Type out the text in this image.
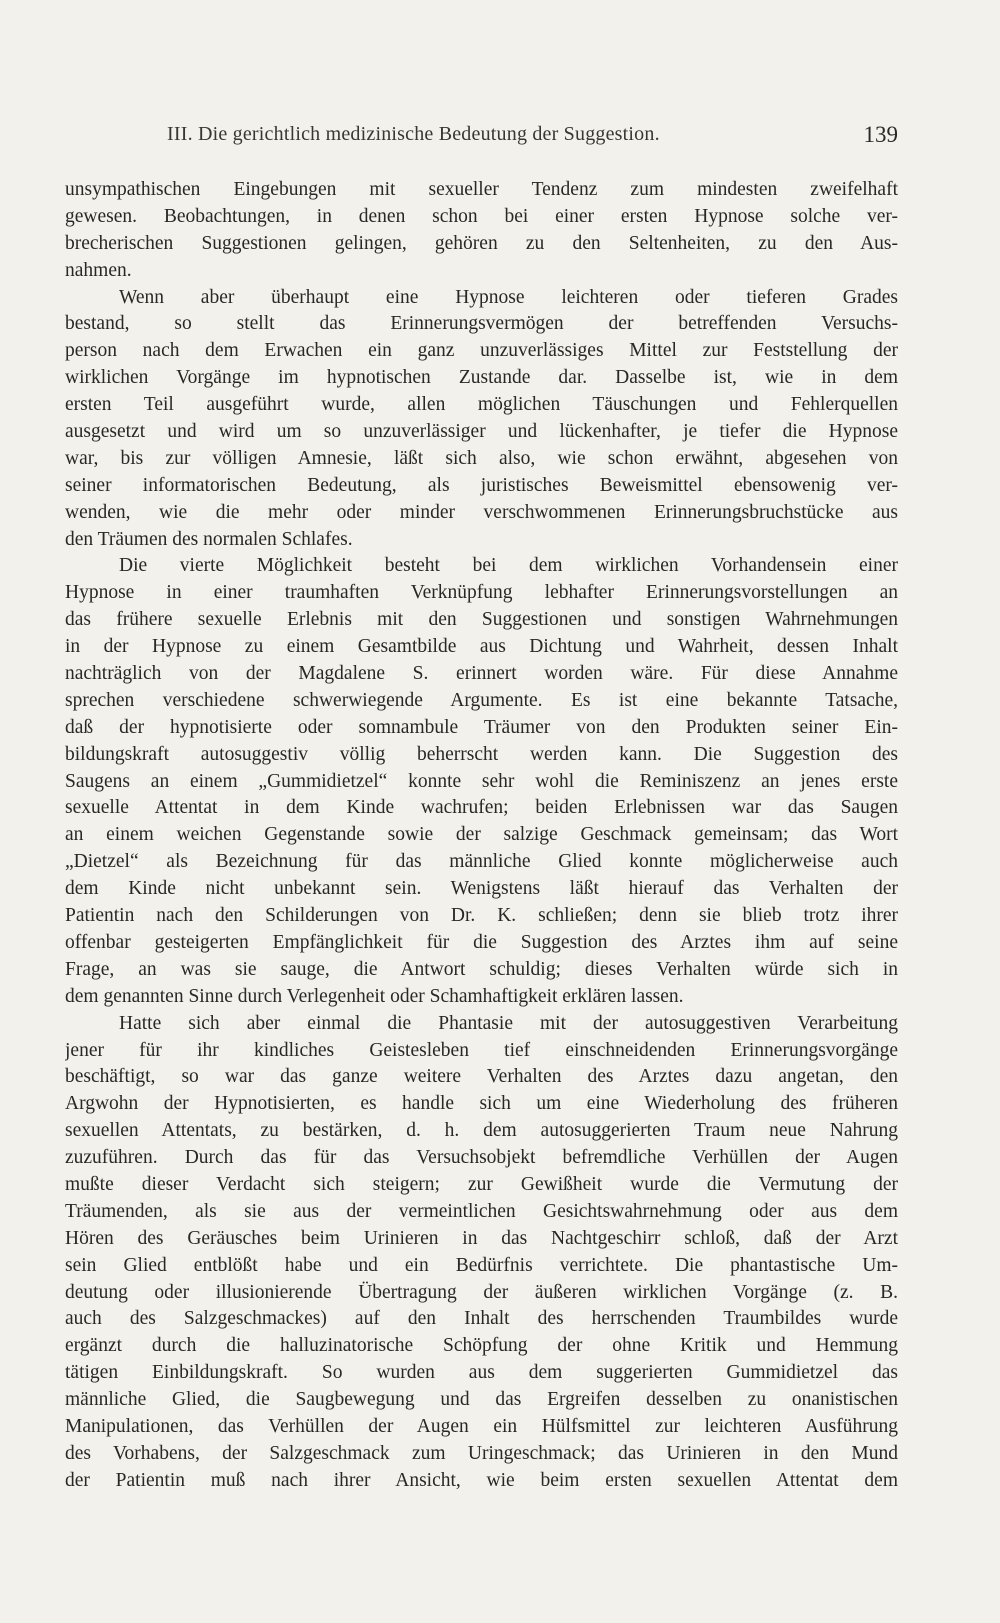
III. Die gerichtlich medizinische Bedeutung der Suggestion.	139
unsympathischen Eingebungen mit sexueller Tendenz zum mindesten zweifelhaft
gewesen. Beobachtungen, in denen schon bei einer ersten Hypnose solche ver-
brecherischen Suggestionen gelingen, gehören zu den Seltenheiten, zu den Aus-
nahmen.
Wenn aber überhaupt eine Hypnose leichteren oder tieferen Grades
bestand, so stellt das Erinnerungsvermögen der betreffenden Versuchs-
person nach dem Erwachen ein ganz unzuverlässiges Mittel zur Feststellung der
wirklichen Vorgänge im hypnotischen Zustande dar. Dasselbe ist, wie in dem
ersten Teil ausgeführt wurde, allen möglichen Täuschungen und Fehlerquellen
ausgesetzt und wird um so unzuverlässiger und lückenhafter, je tiefer die Hypnose
war, bis zur völligen Amnesie, läßt sich also, wie schon erwähnt, abgesehen von
seiner informatorischen Bedeutung, als juristisches Beweismittel ebensowenig ver-
wenden, wie die mehr oder minder verschwommenen Erinnerungsbruchstücke aus
den Träumen des normalen Schlafes.
Die vierte Möglichkeit besteht bei dem wirklichen Vorhandensein einer
Hypnose in einer traumhaften Verknüpfung lebhafter Erinnerungsvorstellungen an
das frühere sexuelle Erlebnis mit den Suggestionen und sonstigen Wahrnehmungen
in der Hypnose zu einem Gesamtbilde aus Dichtung und Wahrheit, dessen Inhalt
nachträglich von der Magdalene S. erinnert worden wäre. Für diese Annahme
sprechen verschiedene schwerwiegende Argumente. Es ist eine bekannte Tatsache,
daß der hypnotisierte oder somnambule Träumer von den Produkten seiner Ein-
bildungskraft autosuggestiv völlig beherrscht werden kann. Die Suggestion des
Saugens an einem „Gummidietzel“ konnte sehr wohl die Reminiszenz an jenes erste
sexuelle Attentat in dem Kinde wachrufen; beiden Erlebnissen war das Saugen
an einem weichen Gegenstande sowie der salzige Geschmack gemeinsam; das Wort
„Dietzel“ als Bezeichnung für das männliche Glied konnte möglicherweise auch
dem Kinde nicht unbekannt sein. Wenigstens läßt hierauf das Verhalten der
Patientin nach den Schilderungen von Dr. K. schließen; denn sie blieb trotz ihrer
offenbar gesteigerten Empfänglichkeit für die Suggestion des Arztes ihm auf seine
Frage, an was sie sauge, die Antwort schuldig; dieses Verhalten würde sich in
dem genannten Sinne durch Verlegenheit oder Schamhaftigkeit erklären lassen.
Hatte sich aber einmal die Phantasie mit der autosuggestiven Verarbeitung
jener für ihr kindliches Geistesleben tief einschneidenden Erinnerungsvorgänge
beschäftigt, so war das ganze weitere Verhalten des Arztes dazu angetan, den
Argwohn der Hypnotisierten, es handle sich um eine Wiederholung des früheren
sexuellen Attentats, zu bestärken, d. h. dem autosuggerierten Traum neue Nahrung
zuzuführen. Durch das für das Versuchsobjekt befremdliche Verhüllen der Augen
mußte dieser Verdacht sich steigern; zur Gewißheit wurde die Vermutung der
Träumenden, als sie aus der vermeintlichen Gesichtswahrnehmung oder aus dem
Hören des Geräusches beim Urinieren in das Nachtgeschirr schloß, daß der Arzt
sein Glied entblößt habe und ein Bedürfnis verrichtete. Die phantastische Um-
deutung oder illusionierende Übertragung der äußeren wirklichen Vorgänge (z. B.
auch des Salzgeschmackes) auf den Inhalt des herrschenden Traumbildes wurde
ergänzt durch die halluzinatorische Schöpfung der ohne Kritik und Hemmung
tätigen Einbildungskraft. So wurden aus dem suggerierten Gummidietzel das
männliche Glied, die Saugbewegung und das Ergreifen desselben zu onanistischen
Manipulationen, das Verhüllen der Augen ein Hülfsmittel zur leichteren Ausführung
des Vorhabens, der Salzgeschmack zum Uringeschmack; das Urinieren in den Mund
der Patientin muß nach ihrer Ansicht, wie beim ersten sexuellen Attentat dem
